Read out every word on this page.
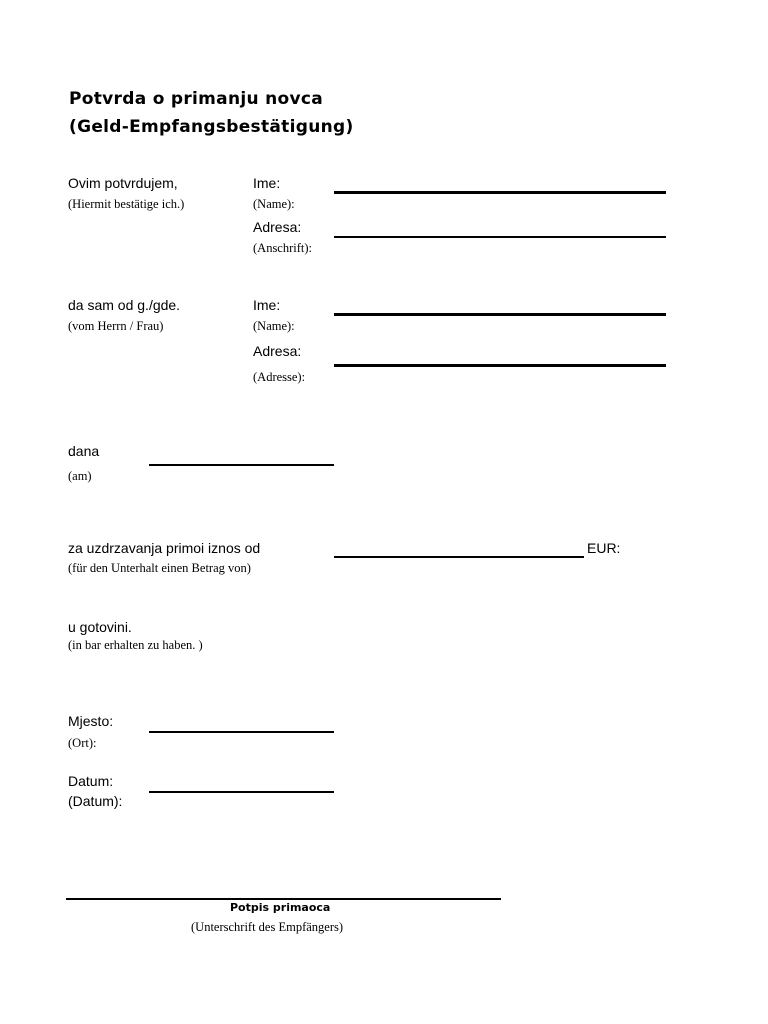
Potvrda o primanju novca
(Geld-Empfangsbestätigung)
Ovim potvrdujem,
(Hiermit bestätige ich.)
Ime:
(Name):
Adresa:
(Anschrift):
da sam od g./gde.
(vom Herrn / Frau)
Ime:
(Name):
Adresa:
(Adresse):
dana
(am)
za uzdrzavanja primoi iznos od
(für den Unterhalt einen Betrag von)
EUR:
u gotovini.
(in bar erhalten zu haben. )
Mjesto:
(Ort):
Datum:
(Datum):
Potpis primaoca
(Unterschrift des Empfängers)
